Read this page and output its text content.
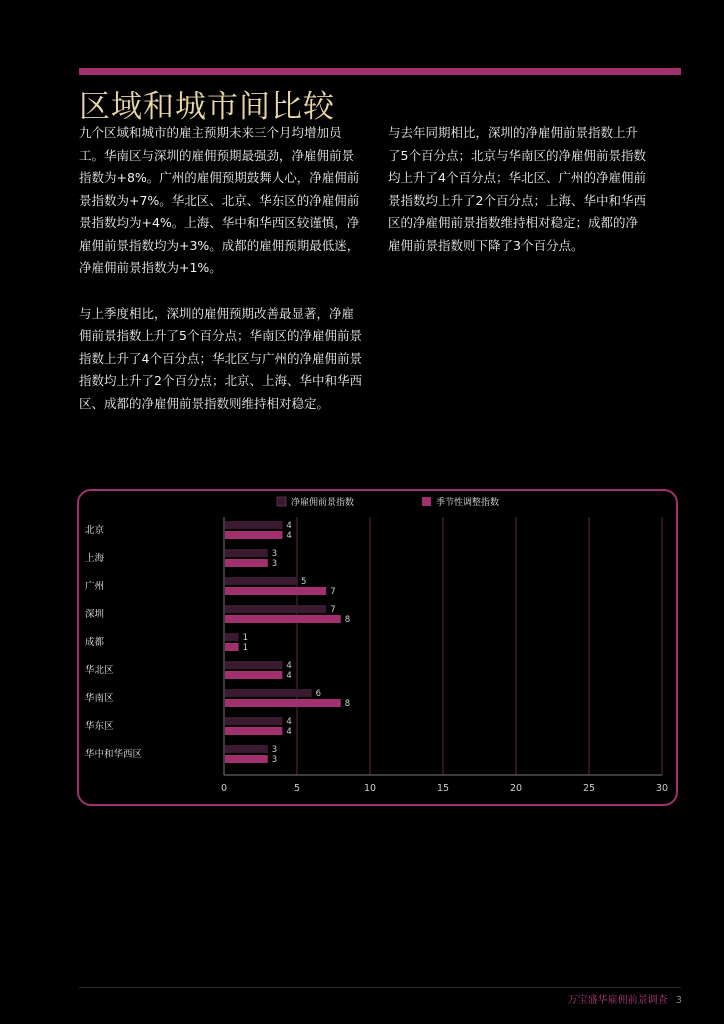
区域和城市间比较

九个区域和城市的雇主预期未来三个月均增加员工。华南区与深圳的雇佣预期最强劲，净雇佣前景指数为+8%。广州的雇佣预期鼓舞人心，净雇佣前景指数为+7%。华北区、北京、华东区的净雇佣前景指数均为+4%。上海、华中和华西区较谨慎，净雇佣前景指数均为+3%。成都的雇佣预期最低迷，净雇佣前景指数为+1%。

与上季度相比，深圳的雇佣预期改善最显著，净雇佣前景指数上升了5个百分点；华南区的净雇佣前景指数上升了4个百分点；华北区与广州的净雇佣前景指数均上升了2个百分点；北京、上海、华中和华西区、成都的净雇佣前景指数则维持相对稳定。

与去年同期相比，深圳的净雇佣前景指数上升了5个百分点；北京与华南区的净雇佣前景指数均上升了4个百分点；华北区、广州的净雇佣前景指数均上升了2个百分点；上海、华中和华西区的净雇佣前景指数维持相对稳定；成都的净雇佣前景指数则下降了3个百分点。

0	5	10	15	20	25	30
净雇佣前景指数	季节性调整指数
北京	4
4
上海	3
3
广州	5
7
深圳	7
8
成都	1
1
华北区	4
4
华南区	6
8
华东区	4
4
华中和华西区	3
3
万宝盛华雇佣前景调查 3
